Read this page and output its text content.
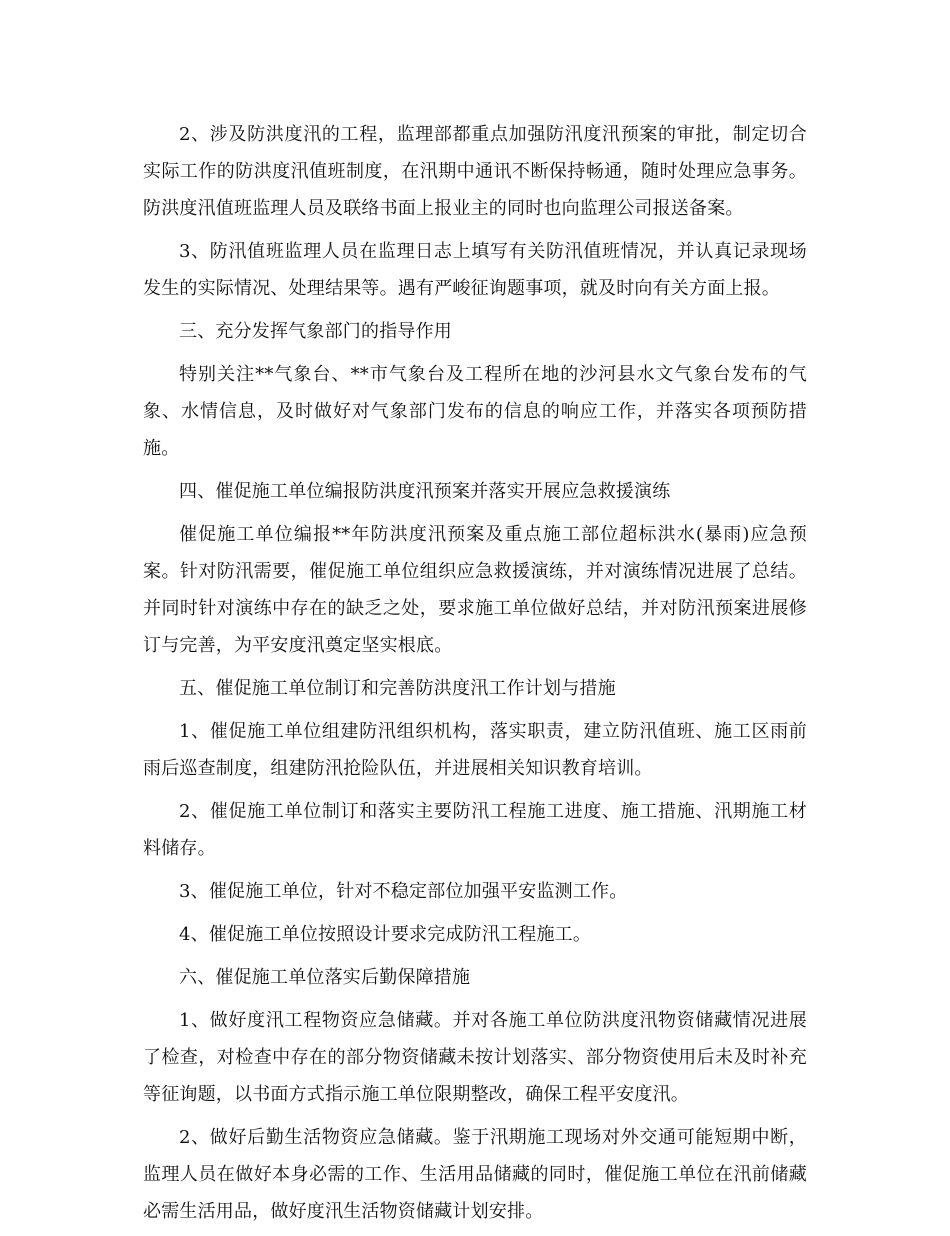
2、涉及防洪度汛的工程，监理部都重点加强防汛度汛预案的审批，制定切合实际工作的防洪度汛值班制度，在汛期中通讯不断保持畅通，随时处理应急事务。防洪度汛值班监理人员及联络书面上报业主的同时也向监理公司报送备案。

3、防汛值班监理人员在监理日志上填写有关防汛值班情况，并认真记录现场发生的实际情况、处理结果等。遇有严峻征询题事项，就及时向有关方面上报。

三、充分发挥气象部门的指导作用

特别关注**气象台、**市气象台及工程所在地的沙河县水文气象台发布的气象、水情信息，及时做好对气象部门发布的信息的响应工作，并落实各项预防措施。

四、催促施工单位编报防洪度汛预案并落实开展应急救援演练

催促施工单位编报**年防洪度汛预案及重点施工部位超标洪水(暴雨)应急预案。针对防汛需要，催促施工单位组织应急救援演练，并对演练情况进展了总结。并同时针对演练中存在的缺乏之处，要求施工单位做好总结，并对防汛预案进展修订与完善，为平安度汛奠定坚实根底。

五、催促施工单位制订和完善防洪度汛工作计划与措施

1、催促施工单位组建防汛组织机构，落实职责，建立防汛值班、施工区雨前雨后巡查制度，组建防汛抢险队伍，并进展相关知识教育培训。

2、催促施工单位制订和落实主要防汛工程施工进度、施工措施、汛期施工材料储存。

3、催促施工单位，针对不稳定部位加强平安监测工作。

4、催促施工单位按照设计要求完成防汛工程施工。

六、催促施工单位落实后勤保障措施

1、做好度汛工程物资应急储藏。并对各施工单位防洪度汛物资储藏情况进展了检查，对检查中存在的部分物资储藏未按计划落实、部分物资使用后未及时补充等征询题，以书面方式指示施工单位限期整改，确保工程平安度汛。

2、做好后勤生活物资应急储藏。鉴于汛期施工现场对外交通可能短期中断，监理人员在做好本身必需的工作、生活用品储藏的同时，催促施工单位在汛前储藏必需生活用品，做好度汛生活物资储藏计划安排。
